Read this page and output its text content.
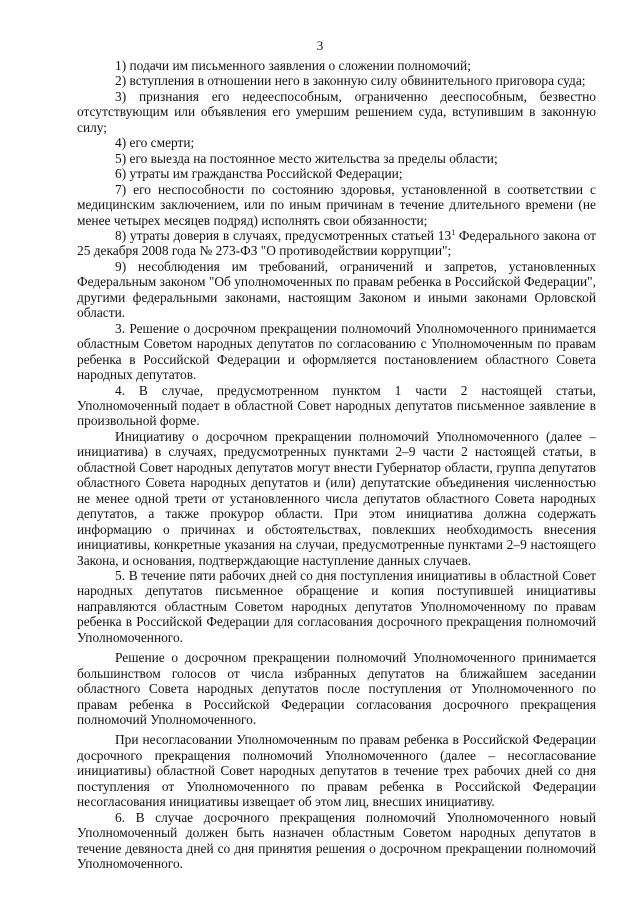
3

1) подачи им письменного заявления о сложении полномочий;

2) вступления в отношении него в законную силу обвинительного приговора суда;

3) признания его недееспособным, ограниченно дееспособным, безвестно отсутствующим или объявления его умершим решением суда, вступившим в законную силу;

4) его смерти;

5) его выезда на постоянное место жительства за пределы области;

6) утраты им гражданства Российской Федерации;

7) его неспособности по состоянию здоровья, установленной в соответствии с медицинским заключением, или по иным причинам в течение длительного времени (не менее четырех месяцев подряд) исполнять свои обязанности;

8) утраты доверия в случаях, предусмотренных статьей $13^1$ Федерального закона от 25 декабря 2008 года № 273-ФЗ "О противодействии коррупции";

9) несоблюдения им требований, ограничений и запретов, установленных Федеральным законом "Об уполномоченных по правам ребенка в Российской Федерации", другими федеральными законами, настоящим Законом и иными законами Орловской области.

3. Решение о досрочном прекращении полномочий Уполномоченного принимается областным Советом народных депутатов по согласованию с Уполномоченным по правам ребенка в Российской Федерации и оформляется постановлением областного Совета народных депутатов.

4. В случае, предусмотренном пунктом 1 части 2 настоящей статьи, Уполномоченный подает в областной Совет народных депутатов письменное заявление в произвольной форме.

Инициативу о досрочном прекращении полномочий Уполномоченного (далее – инициатива) в случаях, предусмотренных пунктами 2–9 части 2 настоящей статьи, в областной Совет народных депутатов могут внести Губернатор области, группа депутатов областного Совета народных депутатов и (или) депутатские объединения численностью не менее одной трети от установленного числа депутатов областного Совета народных депутатов, а также прокурор области. При этом инициатива должна содержать информацию о причинах и обстоятельствах, повлекших необходимость внесения инициативы, конкретные указания на случаи, предусмотренные пунктами 2–9 настоящего Закона, и основания, подтверждающие наступление данных случаев.

5. В течение пяти рабочих дней со дня поступления инициативы в областной Совет народных депутатов письменное обращение и копия поступившей инициативы направляются областным Советом народных депутатов Уполномоченному по правам ребенка в Российской Федерации для согласования досрочного прекращения полномочий Уполномоченного.

Решение о досрочном прекращении полномочий Уполномоченного принимается большинством голосов от числа избранных депутатов на ближайшем заседании областного Совета народных депутатов после поступления от Уполномоченного по правам ребенка в Российской Федерации согласования досрочного прекращения полномочий Уполномоченного.

При несогласовании Уполномоченным по правам ребенка в Российской Федерации досрочного прекращения полномочий Уполномоченного (далее – несогласование инициативы) областной Совет народных депутатов в течение трех рабочих дней со дня поступления от Уполномоченного по правам ребенка в Российской Федерации несогласования инициативы извещает об этом лиц, внесших инициативу.

6. В случае досрочного прекращения полномочий Уполномоченного новый Уполномоченный должен быть назначен областным Советом народных депутатов в течение девяноста дней со дня принятия решения о досрочном прекращении полномочий Уполномоченного.
